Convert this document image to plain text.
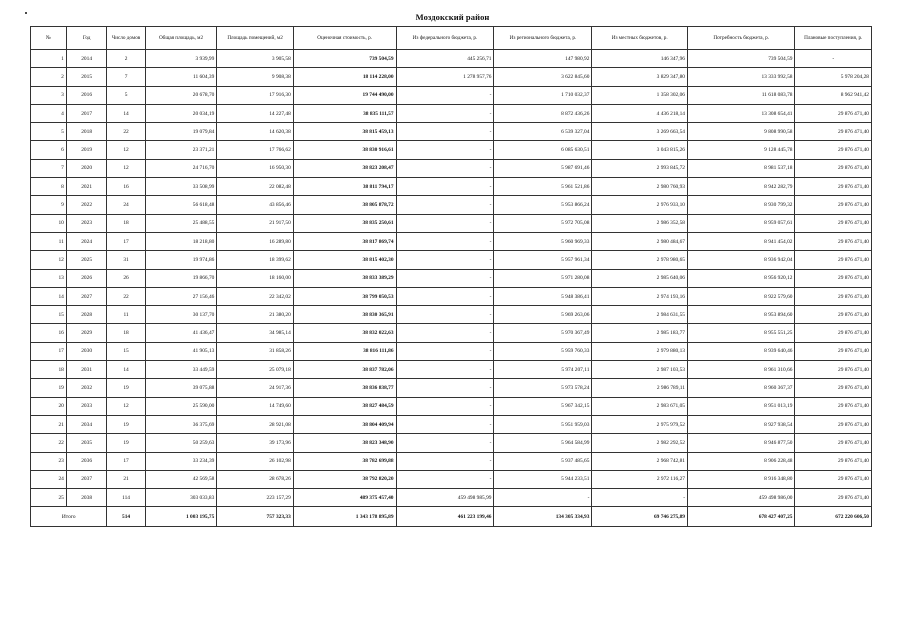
Моздокский район
№	Год	Число домов	Общая площадь, м2	Площадь помещений, м2	Оценочная стоимость, р.	Из федерального бюджета, р.	Из регионального бюджета, р.	Из местных бюджетов, р.	Потребность бюджета, р.	Плановые поступления, р.
1	2014	2	3 939,99	3 905,58	739 504,59	445 256,71	147 980,92	146 347,96	739 504,59	-
2	2015	7	11 604,39	9 908,38	18 114 228,00	1 278 957,76	3 622 845,60	3 829 347,80	13 333 992,58	5 978 204,28
3	2016	5	20 678,70	17 916,30	19 744 490,00	-	1 710 032,37	1 358 302,06	11 618 083,78	8 962 941,42
4	2017	14	20 034,19	14 227,48	38 835 111,57	-	8 872 436,26	4 436 218,14	13 308 654,41	29 876 471,40
5	2018	22	19 079,84	14 620,38	38 815 459,13	-	6 539 327,04	3 269 663,54	9 808 990,58	29 876 471,40
6	2019	12	23 371,21	17 766,62	38 830 916,61	-	6 085 630,51	3 043 815,26	9 128 445,78	29 876 471,40
7	2020	12	24 716,70	16 950,30	38 823 208,47	-	5 987 691,46	2 993 845,72	8 981 537,18	29 876 471,40
8	2021	16	33 508,99	22 082,48	38 811 794,17	-	5 961 521,86	2 980 760,93	8 942 282,79	29 876 471,40
9	2022	24	56 618,48	43 856,46	38 805 878,72	-	5 953 866,24	2 976 933,10	8 930 799,32	29 876 471,40
10	2023	18	25 488,55	21 917,50	38 835 250,61	-	5 972 705,08	2 986 352,58	8 959 057,61	29 876 471,40
11	2024	17	18 218,80	16 289,80	38 817 869,74	-	5 960 969,33	2 980 484,67	8 941 454,02	29 876 471,40
12	2025	31	19 974,86	18 399,62	38 815 402,30	-	5 957 961,34	2 978 980,65	8 936 942,04	29 876 471,40
13	2026	26	19 866,70	18 160,00	38 833 389,29	-	5 971 280,08	2 985 640,06	8 956 920,12	29 876 471,40
14	2027	22	27 156,46	22 342,02	38 799 050,53	-	5 948 386,41	2 974 193,16	8 922 579,60	29 876 471,40
15	2028	11	30 137,70	21 380,20	38 830 365,91	-	5 969 263,06	2 984 631,55	8 953 894,60	29 876 471,40
16	2029	18	41 436,47	34 985,14	38 832 022,63	-	5 970 367,49	2 985 183,77	8 955 551,25	29 876 471,40
17	2030	15	41 905,13	31 858,26	38 816 111,86	-	5 959 760,33	2 979 880,13	8 939 640,46	29 876 471,40
18	2031	14	33 449,59	25 079,18	38 837 782,06	-	5 974 207,11	2 987 103,53	8 961 310,66	29 876 471,40
19	2032	19	39 075,88	24 917,36	38 836 838,77	-	5 973 578,24	2 986 789,11	8 960 367,37	29 876 471,40
20	2033	12	25 590,00	14 749,60	38 827 484,59	-	5 967 342,15	2 983 671,05	8 951 013,19	29 876 471,40
21	2034	19	36 375,69	28 921,08	38 804 409,94	-	5 951 959,03	2 975 979,52	8 927 938,54	29 876 471,40
22	2035	19	50 259,63	39 173,96	38 823 348,90	-	5 964 584,99	2 982 292,52	8 946 877,50	29 876 471,40
23	2036	17	33 234,39	26 102,98	38 782 699,88	-	5 937 485,65	2 968 742,81	8 906 228,48	29 876 471,40
24	2037	21	42 569,58	28 678,26	38 792 820,20	-	5 944 233,51	2 972 116,27	8 916 348,80	29 876 471,40
25	2038	114	303 033,83	223 157,29	489 375 457,40	459 498 985,99	-	-	459 498 986,00	29 876 471,40
Итого		514	1 003 195,75	757 323,33	1 343 178 895,89	461 223 199,46	134 305 334,93	69 746 275,89	678 427 407,25	672 220 606,50
